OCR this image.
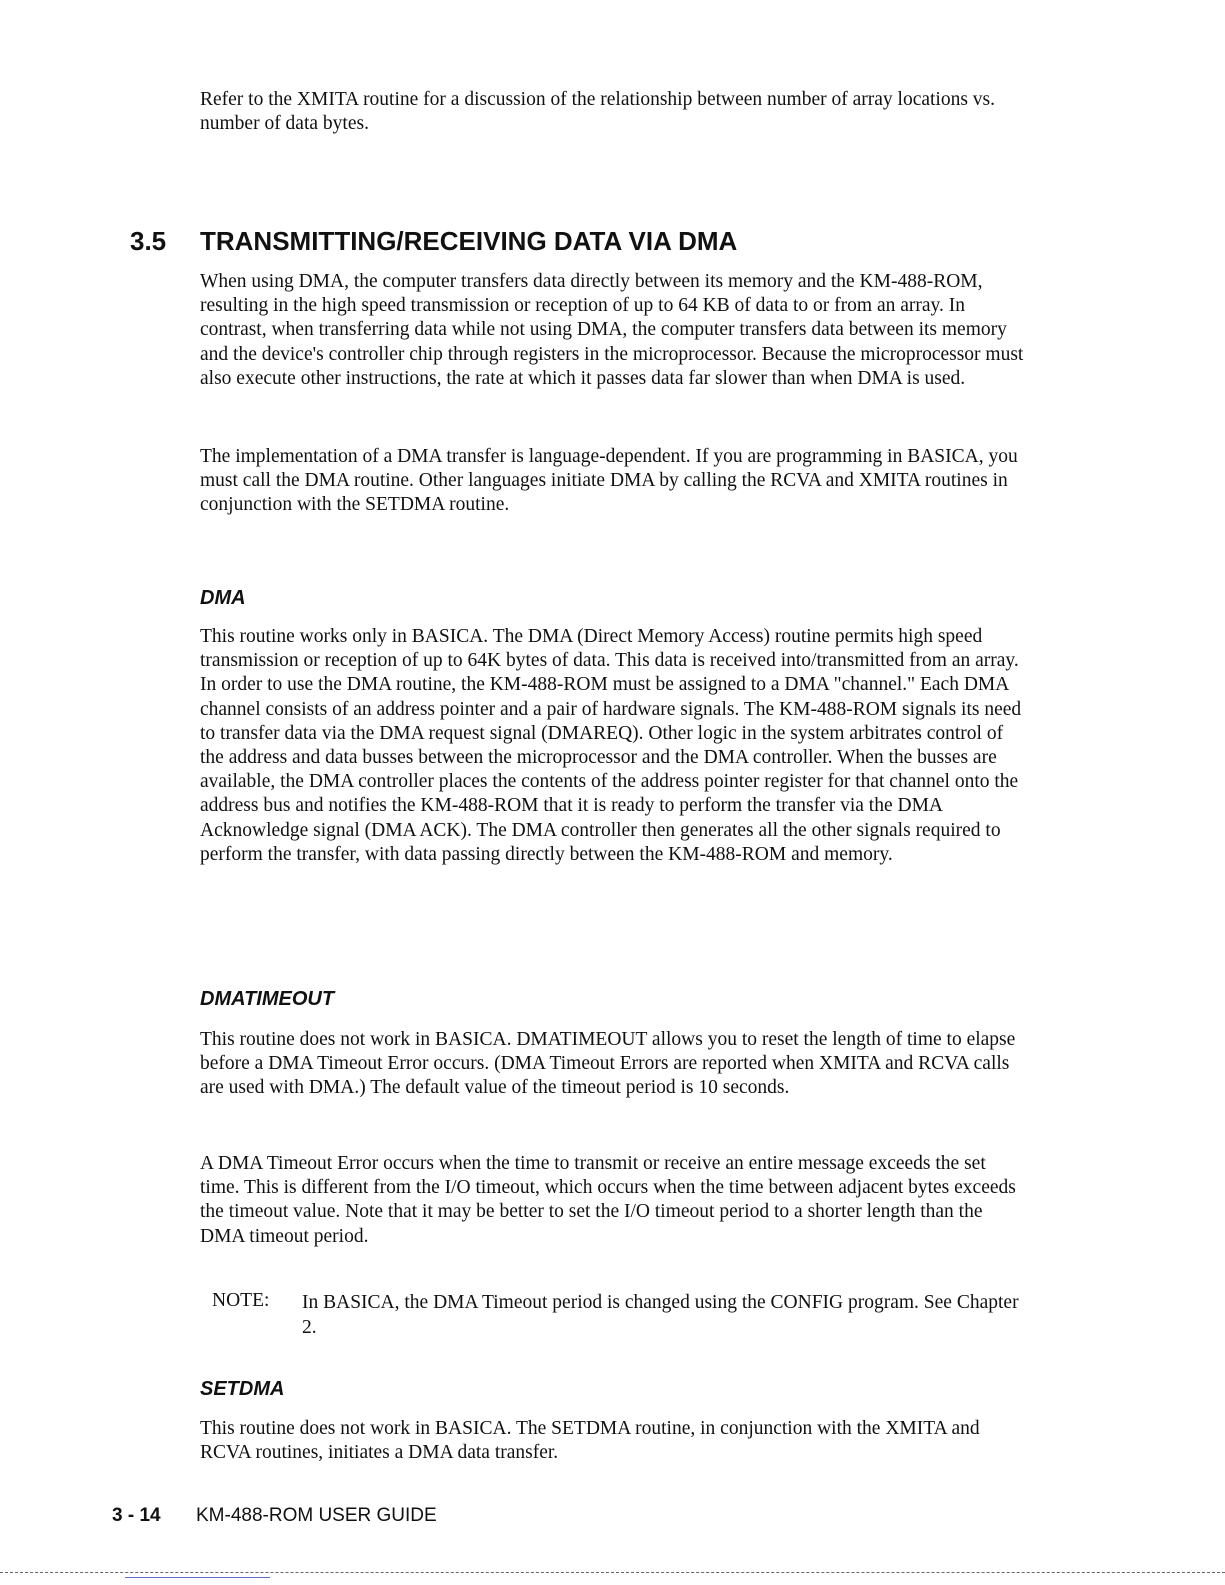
Refer to the XMITA routine for a discussion of the relationship between number of array locations vs. number of data bytes.

3.5 TRANSMITTING/RECEIVING DATA VIA DMA

When using DMA, the computer transfers data directly between its memory and the KM-488-ROM, resulting in the high speed transmission or reception of up to 64 KB of data to or from an array. In contrast, when transferring data while not using DMA, the computer transfers data between its memory and the device's controller chip through registers in the microprocessor. Because the microprocessor must also execute other instructions, the rate at which it passes data far slower than when DMA is used.

The implementation of a DMA transfer is language-dependent. If you are programming in BASICA, you must call the DMA routine. Other languages initiate DMA by calling the RCVA and XMITA routines in conjunction with the SETDMA routine.

DMA

This routine works only in BASICA. The DMA (Direct Memory Access) routine permits high speed transmission or reception of up to 64K bytes of data. This data is received into/transmitted from an array. In order to use the DMA routine, the KM-488-ROM must be assigned to a DMA "channel." Each DMA channel consists of an address pointer and a pair of hardware signals. The KM-488-ROM signals its need to transfer data via the DMA request signal (DMAREQ). Other logic in the system arbitrates control of the address and data busses between the microprocessor and the DMA controller. When the busses are available, the DMA controller places the contents of the address pointer register for that channel onto the address bus and notifies the KM-488-ROM that it is ready to perform the transfer via the DMA Acknowledge signal (DMA ACK). The DMA controller then generates all the other signals required to perform the transfer, with data passing directly between the KM-488-ROM and memory.

DMATIMEOUT

This routine does not work in BASICA. DMATIMEOUT allows you to reset the length of time to elapse before a DMA Timeout Error occurs. (DMA Timeout Errors are reported when XMITA and RCVA calls are used with DMA.) The default value of the timeout period is 10 seconds.

A DMA Timeout Error occurs when the time to transmit or receive an entire message exceeds the set time. This is different from the I/O timeout, which occurs when the time between adjacent bytes exceeds the timeout value. Note that it may be better to set the I/O timeout period to a shorter length than the DMA timeout period.

NOTE: In BASICA, the DMA Timeout period is changed using the CONFIG program. See Chapter 2.

SETDMA

This routine does not work in BASICA. The SETDMA routine, in conjunction with the XMITA and RCVA routines, initiates a DMA data transfer.

3 - 14 KM-488-ROM USER GUIDE
